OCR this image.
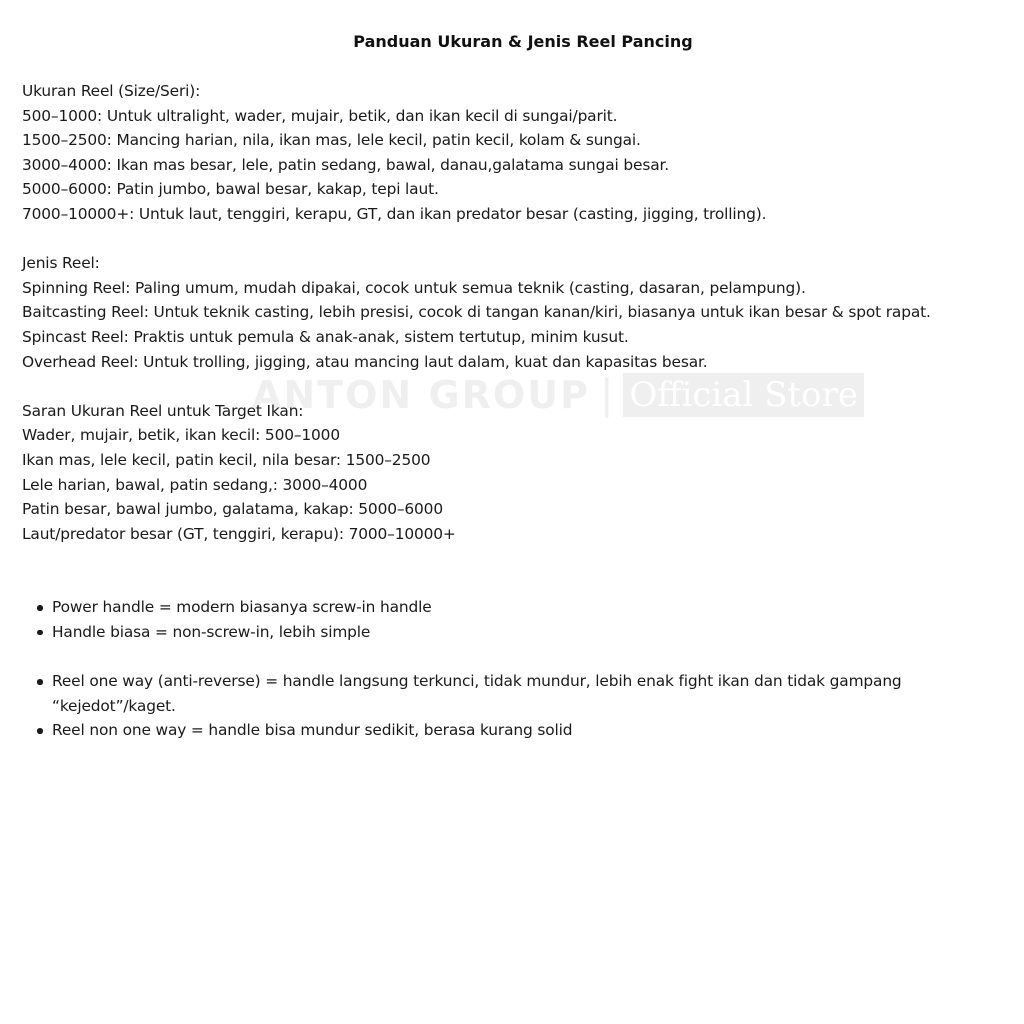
ANTON GROUP | Official Store
Panduan Ukuran & Jenis Reel Pancing
Ukuran Reel (Size/Seri):
500–1000: Untuk ultralight, wader, mujair, betik, dan ikan kecil di sungai/parit.
1500–2500: Mancing harian, nila, ikan mas, lele kecil, patin kecil, kolam & sungai.
3000–4000: Ikan mas besar, lele, patin sedang, bawal, danau,galatama sungai besar.
5000–6000: Patin jumbo, bawal besar, kakap, tepi laut.
7000–10000+: Untuk laut, tenggiri, kerapu, GT, dan ikan predator besar (casting, jigging, trolling).
Jenis Reel:
Spinning Reel: Paling umum, mudah dipakai, cocok untuk semua teknik (casting, dasaran, pelampung).
Baitcasting Reel: Untuk teknik casting, lebih presisi, cocok di tangan kanan/kiri, biasanya untuk ikan besar & spot rapat.
Spincast Reel: Praktis untuk pemula & anak-anak, sistem tertutup, minim kusut.
Overhead Reel: Untuk trolling, jigging, atau mancing laut dalam, kuat dan kapasitas besar.
Saran Ukuran Reel untuk Target Ikan:
Wader, mujair, betik, ikan kecil: 500–1000
Ikan mas, lele kecil, patin kecil, nila besar: 1500–2500
Lele harian, bawal, patin sedang,: 3000–4000
Patin besar, bawal jumbo, galatama, kakap: 5000–6000
Laut/predator besar (GT, tenggiri, kerapu): 7000–10000+
Power handle = modern biasanya screw-in handle
Handle biasa = non-screw-in, lebih simple
Reel one way (anti-reverse) = handle langsung terkunci, tidak mundur, lebih enak fight ikan dan tidak gampang “kejedot”/kaget.
Reel non one way = handle bisa mundur sedikit, berasa kurang solid
